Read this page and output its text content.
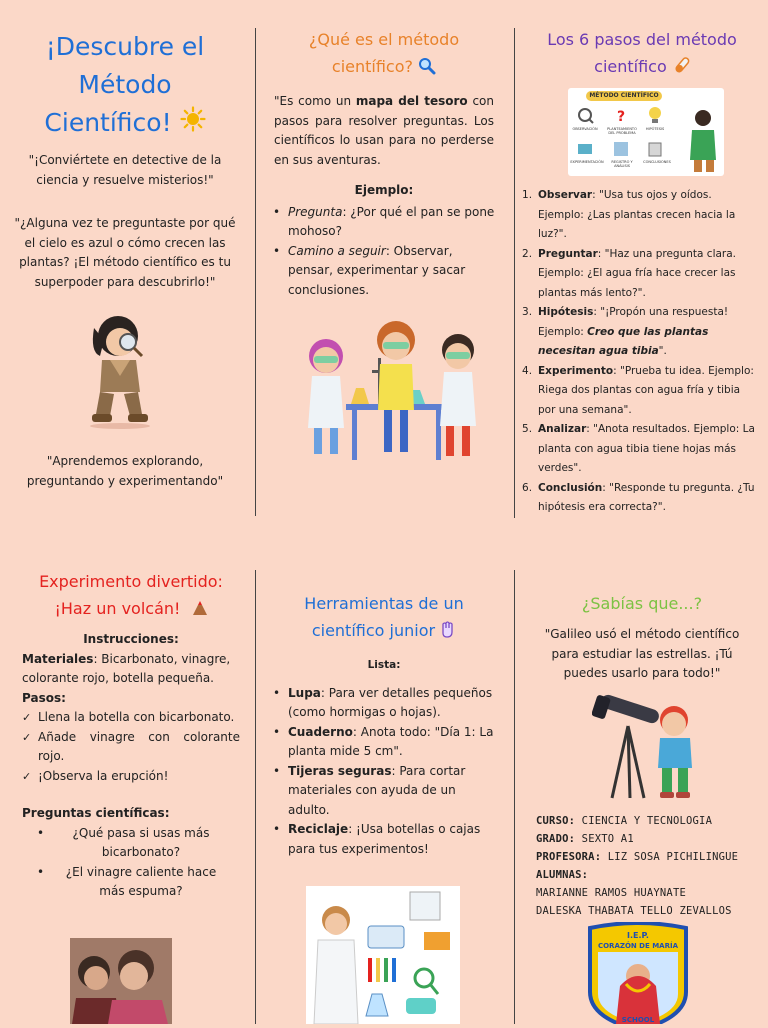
¡Descubre el Método Científico!

"¡Conviértete en detective de la ciencia y resuelve misterios!"

"¿Alguna vez te preguntaste por qué el cielo es azul o cómo crecen las plantas? ¡El método científico es tu superpoder para descubrirlo!"

"Aprendemos explorando, preguntando y experimentando"

¿Qué es el método científico?

"Es como un mapa del tesoro con pasos para resolver preguntas. Los científicos lo usan para no perderse en sus aventuras.

Ejemplo:

• Pregunta: ¿Por qué el pan se pone mohoso?
• Camino a seguir: Observar, pensar, experimentar y sacar conclusiones.
Los 6 pasos del método científico
MÉTODO CIENTÍFICO
?
OBSERVACIÓN	PLANTEAMIENTO DEL PROBLEMA
HIPÓTESIS
EXPERIMENTACIÓN	REGISTRO Y ANÁLISIS
CONCLUSIONES
Observar: "Usa tus ojos y oídos. Ejemplo: ¿Las plantas crecen hacia la luz?".
Preguntar: "Haz una pregunta clara. Ejemplo: ¿El agua fría hace crecer las plantas más lento?".
Hipótesis: "¡Propón una respuesta! Ejemplo: Creo que las plantas necesitan agua tibia".
Experimento: "Prueba tu idea. Ejemplo: Riega dos plantas con agua fría y tibia por una semana".
Analizar: "Anota resultados. Ejemplo: La planta con agua tibia tiene hojas más verdes".
Conclusión: "Responde tu pregunta. ¿Tu hipótesis era correcta?".
Experimento divertido:
¡Haz un volcán!

Instrucciones:

Materiales: Bicarbonato, vinagre, colorante rojo, botella pequeña.

Pasos:

✓ Llena la botella con bicarbonato.
✓ Añade vinagre con colorante rojo.
✓ ¡Observa la erupción!

Preguntas científicas:

• ¿Qué pasa si usas más bicarbonato?
• ¿El vinagre caliente hace más espuma?
Herramientas de un científico junior

Lista:

• Lupa: Para ver detalles pequeños (como hormigas o hojas).
• Cuaderno: Anota todo: "Día 1: La planta mide 5 cm".
• Tijeras seguras: Para cortar materiales con ayuda de un adulto.
• Reciclaje: ¡Usa botellas o cajas para tus experimentos!
¿Sabías que...?

"Galileo usó el método científico para estudiar las estrellas. ¡Tú puedes usarlo para todo!"

CURSO: CIENCIA Y TECNOLOGIA
GRADO: SEXTO A1
PROFESORA: LIZ SOSA PICHILINGUE
ALUMNAS:
MARIANNE RAMOS HUAYNATE
DALESKA THABATA TELLO ZEVALLOS
I.E.P.
CORAZÓN DE MARÍA
SCHOOL
